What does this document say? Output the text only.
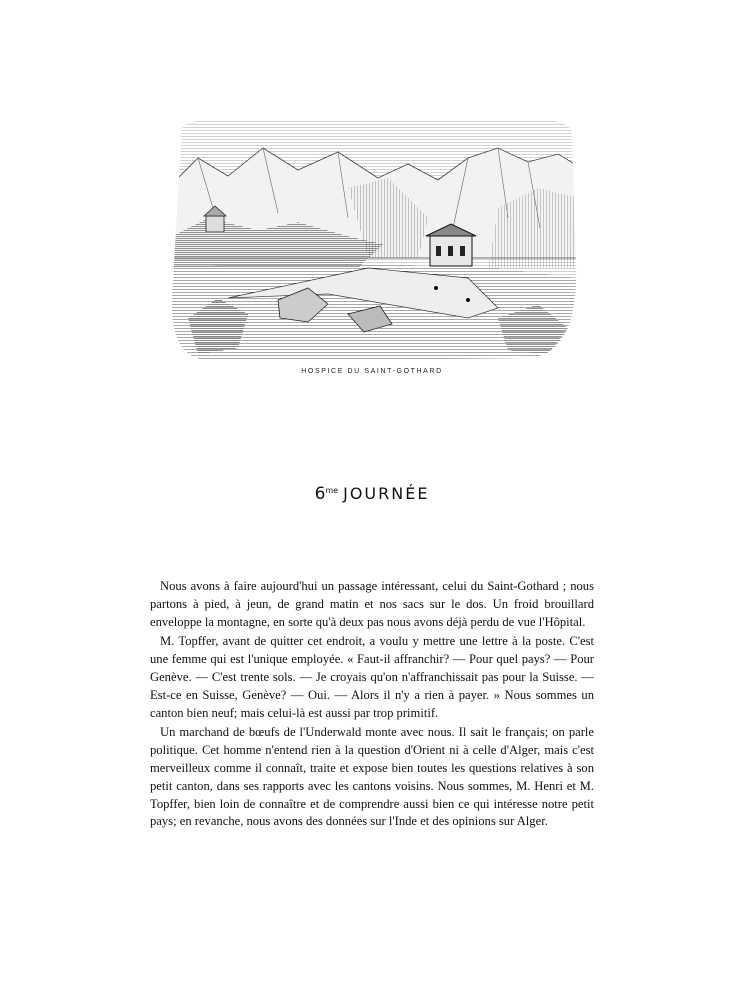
HOSPICE DU SAINT-GOTHARD
$6^{me}$ JOURNÉE

Nous avons à faire aujourd'hui un passage intéressant, celui du Saint-Gothard ; nous partons à pied, à jeun, de grand matin et nos sacs sur le dos. Un froid brouillard enveloppe la montagne, en sorte qu'à deux pas nous avons déjà perdu de vue l'Hôpital.

M. Topffer, avant de quitter cet endroit, a voulu y mettre une lettre à la poste. C'est une femme qui est l'unique employée. « Faut-il affranchir? — Pour quel pays? — Pour Genève. — C'est trente sols. — Je croyais qu'on n'affranchissait pas pour la Suisse. — Est-ce en Suisse, Genève? — Oui. — Alors il n'y a rien à payer. » Nous sommes un canton bien neuf; mais celui-là est aussi par trop primitif.

Un marchand de bœufs de l'Underwald monte avec nous. Il sait le français; on parle politique. Cet homme n'entend rien à la question d'Orient ni à celle d'Alger, mais c'est merveilleux comme il connaît, traite et expose bien toutes les questions relatives à son petit canton, dans ses rapports avec les cantons voisins. Nous sommes, M. Henri et M. Topffer, bien loin de connaître et de comprendre aussi bien ce qui intéresse notre petit pays; en revanche, nous avons des données sur l'Inde et des opinions sur Alger.
